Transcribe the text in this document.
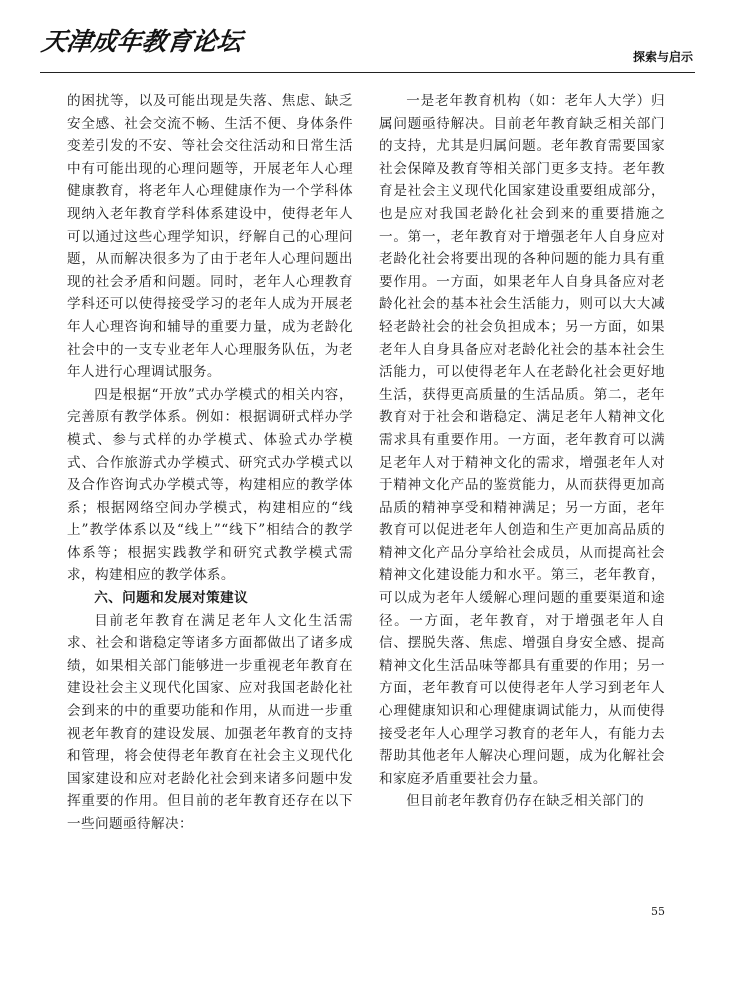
天津成年教育论坛
探索与启示

的困扰等，以及可能出现是失落、焦虑、缺乏安全感、社会交流不畅、生活不便、身体条件变差引发的不安、等社会交往活动和日常生活中有可能出现的心理问题等，开展老年人心理健康教育，将老年人心理健康作为一个学科体现纳入老年教育学科体系建设中，使得老年人可以通过这些心理学知识，纾解自己的心理问题，从而解决很多为了由于老年人心理问题出现的社会矛盾和问题。同时，老年人心理教育学科还可以使得接受学习的老年人成为开展老年人心理咨询和辅导的重要力量，成为老龄化社会中的一支专业老年人心理服务队伍，为老年人进行心理调试服务。

四是根据“开放”式办学模式的相关内容，完善原有教学体系。例如：根据调研式样办学模式、参与式样的办学模式、体验式办学模式、合作旅游式办学模式、研究式办学模式以及合作咨询式办学模式等，构建相应的教学体系；根据网络空间办学模式，构建相应的“线上”教学体系以及“线上”“线下”相结合的教学体系等；根据实践教学和研究式教学模式需求，构建相应的教学体系。

六、问题和发展对策建议

目前老年教育在满足老年人文化生活需求、社会和谐稳定等诸多方面都做出了诸多成绩，如果相关部门能够进一步重视老年教育在建设社会主义现代化国家、应对我国老龄化社会到来的中的重要功能和作用，从而进一步重视老年教育的建设发展、加强老年教育的支持和管理，将会使得老年教育在社会主义现代化国家建设和应对老龄化社会到来诸多问题中发挥重要的作用。但目前的老年教育还存在以下一些问题亟待解决：

一是老年教育机构（如：老年人大学）归属问题亟待解决。目前老年教育缺乏相关部门的支持，尤其是归属问题。老年教育需要国家社会保障及教育等相关部门更多支持。老年教育是社会主义现代化国家建设重要组成部分，也是应对我国老龄化社会到来的重要措施之一。第一，老年教育对于增强老年人自身应对老龄化社会将要出现的各种问题的能力具有重要作用。一方面，如果老年人自身具备应对老龄化社会的基本社会生活能力，则可以大大减轻老龄社会的社会负担成本；另一方面，如果老年人自身具备应对老龄化社会的基本社会生活能力，可以使得老年人在老龄化社会更好地生活，获得更高质量的生活品质。第二，老年教育对于社会和谐稳定、满足老年人精神文化需求具有重要作用。一方面，老年教育可以满足老年人对于精神文化的需求，增强老年人对于精神文化产品的鉴赏能力，从而获得更加高品质的精神享受和精神满足；另一方面，老年教育可以促进老年人创造和生产更加高品质的精神文化产品分享给社会成员，从而提高社会精神文化建设能力和水平。第三，老年教育，可以成为老年人缓解心理问题的重要渠道和途径。一方面，老年教育，对于增强老年人自信、摆脱失落、焦虑、增强自身安全感、提高精神文化生活品味等都具有重要的作用；另一方面，老年教育可以使得老年人学习到老年人心理健康知识和心理健康调试能力，从而使得接受老年人心理学习教育的老年人，有能力去帮助其他老年人解决心理问题，成为化解社会和家庭矛盾重要社会力量。

但目前老年教育仍存在缺乏相关部门的

55
